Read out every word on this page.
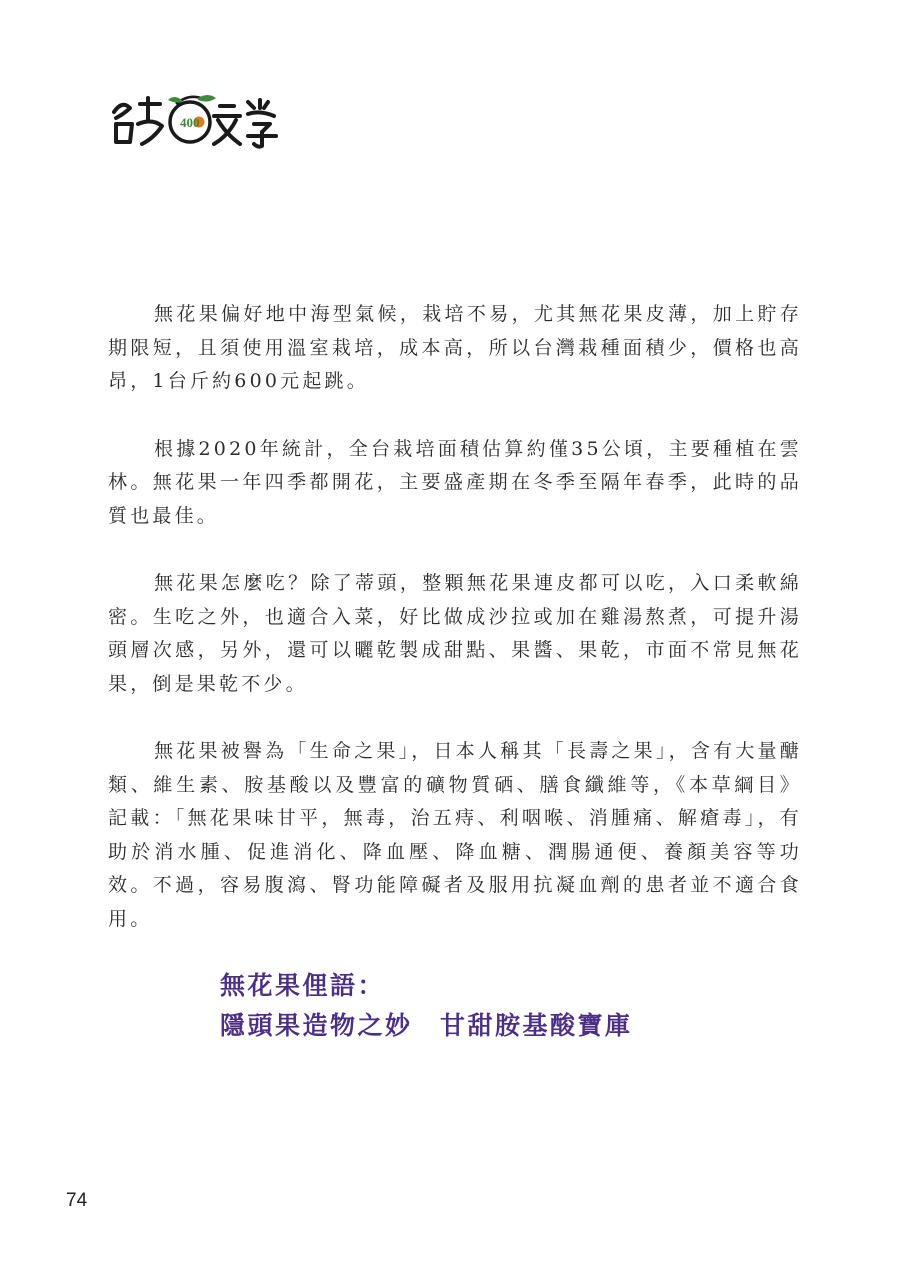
400

無花果偏好地中海型氣候，栽培不易，尤其無花果皮薄，加上貯存期限短，且須使用溫室栽培，成本高，所以台灣栽種面積少，價格也高昂，1台斤約600元起跳。

根據2020年統計，全台栽培面積估算約僅35公頃，主要種植在雲林。無花果一年四季都開花，主要盛產期在冬季至隔年春季，此時的品質也最佳。

無花果怎麼吃？除了蒂頭，整顆無花果連皮都可以吃，入口柔軟綿密。生吃之外，也適合入菜，好比做成沙拉或加在雞湯熬煮，可提升湯頭層次感，另外，還可以曬乾製成甜點、果醬、果乾，市面不常見無花果，倒是果乾不少。

無花果被譽為「生命之果」，日本人稱其「長壽之果」，含有大量醣類、維生素、胺基酸以及豐富的礦物質硒、膳食纖維等，《本草綱目》記載：「無花果味甘平，無毒，治五痔、利咽喉、消腫痛、解瘡毒」，有助於消水腫、促進消化、降血壓、降血糖、潤腸通便、養顏美容等功效。不過，容易腹瀉、腎功能障礙者及服用抗凝血劑的患者並不適合食用。

無花果俚語：
隱頭果造物之妙　甘甜胺基酸寶庫
74
